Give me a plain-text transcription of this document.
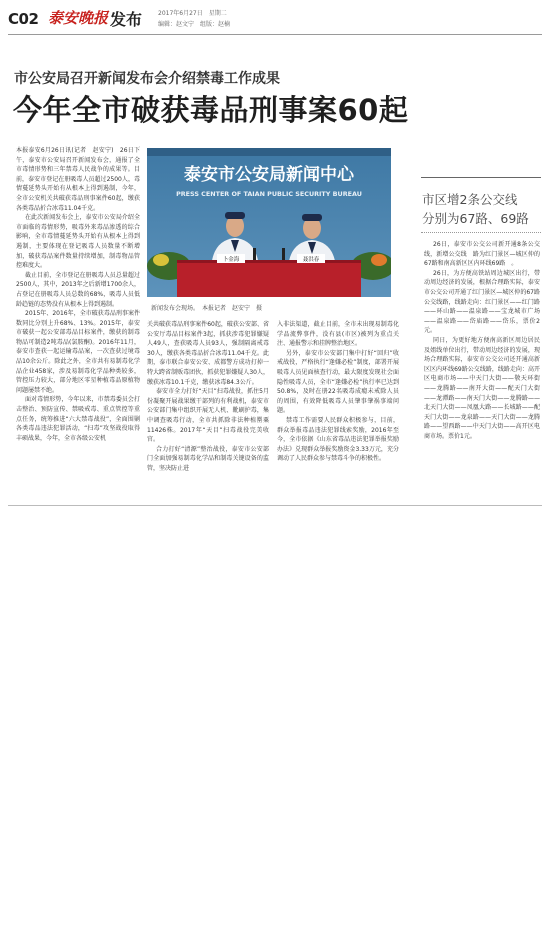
C02 泰安晚报 发布	2017年6月27日　星期二
编辑：赵文宁　组版：赵楠
市公安局召开新闻发布会介绍禁毒工作成果
今年全市破获毒品刑事案60起

本报泰安6月26日讯(记者　赵安宁)　26日下午，泰安市公安局召开新闻发布会，通报了全市毒情形势和三年禁毒人民战争的成果等。目前，泰安市登记在册吸毒人员超过2500人，毒情蔓延势头开始有从根本上得到遏制，今年，全市公安机关共破获毒品刑事案件60起，缴获各类毒品折合冰毒11.04千克。

在此次新闻发布会上，泰安市公安局介绍全市面临的毒情形势，吸毒外来毒品渗透的综合影响，全市毒情蔓延势头开始有从根本上得到遏制，主要体现在登记吸毒人员数量不断增加，破获毒品案件数量持续增加，制毒物品管控难度大。

截止目前，全市登记在册吸毒人员总量超过2500人，其中，2013年之后新增1700余人，占登记在册吸毒人员总数的68%，吸毒人员低龄趋链的态势没有从根本上得到遏制。

2015年、2016年，全市破获毒品刑事案件数同比分别上升68%、13%。2015年，泰安市破获一起公安部毒品目标案件，缴获的制毒物品可制造2吨毒品(氯胺酮)。2016年11月，泰安市查获一起运输毒品案，一次查获过境毒品10余公斤。除此之外，全市共有易制毒化学品企业458家，涉及易制毒化学品种类较多，管控压力较大，部分地区零星种植毒品原植物问题屡禁不绝。

面对毒情形势，今年以来，市禁毒委员会打击整治、预防宣传、禁吸戒毒、重点管控等重点任务，统筹推进“六大禁毒战役”，全面围剿各类毒品违法犯罪活动，“扫毒”攻坚战役取得丰硕战果，今年，全市各级公安机

泰安市公安局新闻中心
PRESS CENTER OF TAIAN PUBLIC SECURITY BUREAU
卜金海	聂洪春
新闻发布会现场。　本报记者　赵安宁　摄

关共破获毒品刑事案件60起，破获公安部、省公安厅毒品目标案件3起，抓获涉毒犯罪嫌疑人49人，查获吸毒人员93人，强制隔离戒毒30人，缴获各类毒品折合冰毒11.04千克。此期，泰市联合泰安公安、成都警方成功打掉一特大跨省制贩毒团伙，抓获犯罪嫌疑人30人，缴获冰毒10.1千克，缴获冰毒84.3公斤。

泰安市全力打好“天目”扫毒战役，抓住5月份凝聚开展战果缴干部列的有利战机，泰安市公安部门集中组织开展无人机、靴刷护毒，集中调查吸毒行动，全市共抓除非法种植罂粟11426株。2017年“天目”扫毒战役完美收官。

合力打好“清源”整治战役，泰安市公安部门全面加强易制毒化学品和制毒关键设备的监管，坚决防止进

入非法渠道，截止目前，全市未出现易制毒化学品流弊事件，没有县(市区)被列为重点关注、通报警示和挂牌整治地区。

另外，泰安市公安部门集中打好“回归”收戒战役，严格执行“逢嫌必检”制度，部署开展吸毒人员见面核查行动，最大限度发现社会面隐性吸毒人员，全市“逢嫌必检”执行率已达到50.8%，及时在册22名吸毒成瘾未戒除人员的周围，有效降低吸毒人员肇事肇祸事端问题。

禁毒工作需要人民群众积极参与，目前，群众举报毒品违法犯罪线索奖励，2016年至今，全市依据《山东省毒品违法犯罪举报奖励办法》兑现群众举报奖励资金3.33万元，充分调动了人民群众参与禁毒斗争的积极性。

市区增2条公交线
分别为67路、69路

26日，泰安市公交公司新开通8条公交线，新增公交线　路为红门景区—城区仲的67路和南高新区区内环线69路　。

26日，为方便高铁站周边城区出行，带动周边经济的发展，根据合理路实际，泰安市公交公司开通了红门景区—城区仲的67路公交线路，线路走向：红门景区——红门路——环山路——温泉路——宝龙城市广场——温泉路——岱庙路——岱乐，票价2元。

同日，为更好地方便南高新区周边居民及姐线单位出行，带动周边经济的发展，现场合理路实际，泰安市公交公司还开通高新区区内环线69路公交线路，线路走向：高开区电商市场——中天门大街——敬天环街——龙腾路——南开大街——配天门大街——龙潭路——南天门大街——龙腾路——北天门大街——凤凰大路——长城路——配天门大街——龙泉路——天门大街——龙腾路——望西路——中天门大街——高开区电商市场。票价1元。
